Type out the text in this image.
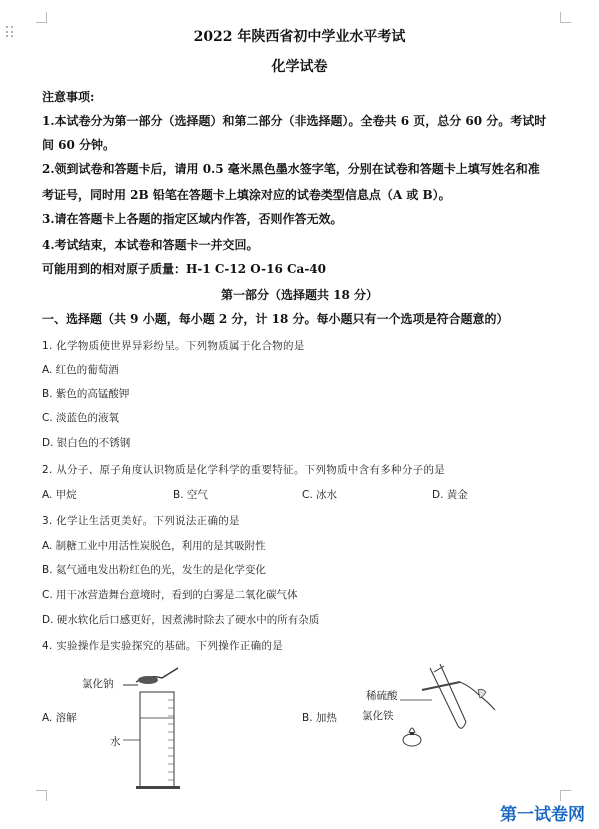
2022 年陕西省初中学业水平考试
化学试卷
注意事项:
1.本试卷分为第一部分（选择题）和第二部分（非选择题）。全卷共 6 页，总分 60 分。考试时
间 60 分钟。
2.领到试卷和答题卡后，请用 0.5 毫米黑色墨水签字笔，分别在试卷和答题卡上填写姓名和准
考证号，同时用 2B 铅笔在答题卡上填涂对应的试卷类型信息点（A 或 B）。
3.请在答题卡上各题的指定区域内作答，否则作答无效。
4.考试结束，本试卷和答题卡一并交回。
可能用到的相对原子质量：H-1 C-12 O-16 Ca-40
第一部分（选择题共 18 分）
一、选择题（共 9 小题，每小题 2 分，计 18 分。每小题只有一个选项是符合题意的）
1. 化学物质使世界异彩纷呈。下列物质属于化合物的是
A. 红色的葡萄酒
B. 紫色的高锰酸钾
C. 淡蓝色的液氧
D. 银白色的不锈钢
2. 从分子、原子角度认识物质是化学科学的重要特征。下列物质中含有多种分子的是
A. 甲烷	B. 空气	C. 冰水	D. 黄金
3. 化学让生活更美好。下列说法正确的是
A. 制糖工业中用活性炭脱色，利用的是其吸附性
B. 氦气通电发出粉红色的光，发生的是化学变化
C. 用干冰营造舞台意境时，看到的白雾是二氧化碳气体
D. 硬水软化后口感更好，因煮沸时除去了硬水中的所有杂质
4. 实验操作是实验探究的基础。下列操作正确的是
氯化钠
水
A. 溶解
稀硫酸
氯化铁
B. 加热
第一试卷网
